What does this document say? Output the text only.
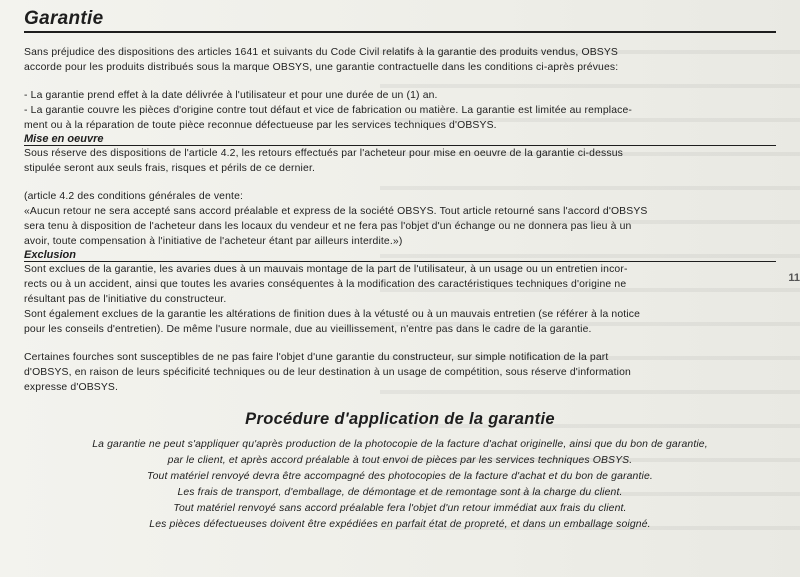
11
Garantie

Sans préjudice des dispositions des articles 1641 et suivants du Code Civil relatifs à la garantie des produits vendus, OBSYS

accorde pour les produits distribués sous la marque OBSYS, une garantie contractuelle dans les conditions ci-après prévues:

- La garantie prend effet à la date délivrée à l'utilisateur et pour une durée de un (1) an.

- La garantie couvre les pièces d'origine contre tout défaut et vice de fabrication ou matière. La garantie est limitée au remplace-

ment ou à la réparation de toute pièce reconnue défectueuse par les services techniques d'OBSYS.

Mise en oeuvre

Sous réserve des dispositions de l'article 4.2, les retours effectués par l'acheteur pour mise en oeuvre de la garantie ci-dessus

stipulée seront aux seuls frais, risques et périls de ce dernier.

(article 4.2 des conditions générales de vente:

«Aucun retour ne sera accepté sans accord préalable et express de la société OBSYS. Tout article retourné sans l'accord d'OBSYS

sera tenu à disposition de l'acheteur dans les locaux du vendeur et ne fera pas l'objet d'un échange ou ne donnera pas lieu à un

avoir, toute compensation à l'initiative de l'acheteur étant par ailleurs interdite.»)

Exclusion

Sont exclues de la garantie, les avaries dues à un mauvais montage de la part de l'utilisateur, à un usage ou un entretien incor-

rects ou à un accident, ainsi que toutes les avaries conséquentes à la modification des caractéristiques techniques d'origine ne

résultant pas de l'initiative du constructeur.

Sont également exclues de la garantie les altérations de finition dues à la vétusté ou à un mauvais entretien (se référer à la notice

pour les conseils d'entretien). De même l'usure normale, due au vieillissement, n'entre pas dans le cadre de la garantie.

Certaines fourches sont susceptibles de ne pas faire l'objet d'une garantie du constructeur, sur simple notification de la part

d'OBSYS, en raison de leurs spécificité techniques ou de leur destination à un usage de compétition, sous réserve d'information

expresse d'OBSYS.

Procédure d'application de la garantie

La garantie ne peut s'appliquer qu'après production de la photocopie de la facture d'achat originelle, ainsi que du bon de garantie,

par le client, et après accord préalable à tout envoi de pièces par les services techniques OBSYS.

Tout matériel renvoyé devra être accompagné des photocopies de la facture d'achat et du bon de garantie.

Les frais de transport, d'emballage, de démontage et de remontage sont à la charge du client.

Tout matériel renvoyé sans accord préalable fera l'objet d'un retour immédiat aux frais du client.

Les pièces défectueuses doivent être expédiées en parfait état de propreté, et dans un emballage soigné.
